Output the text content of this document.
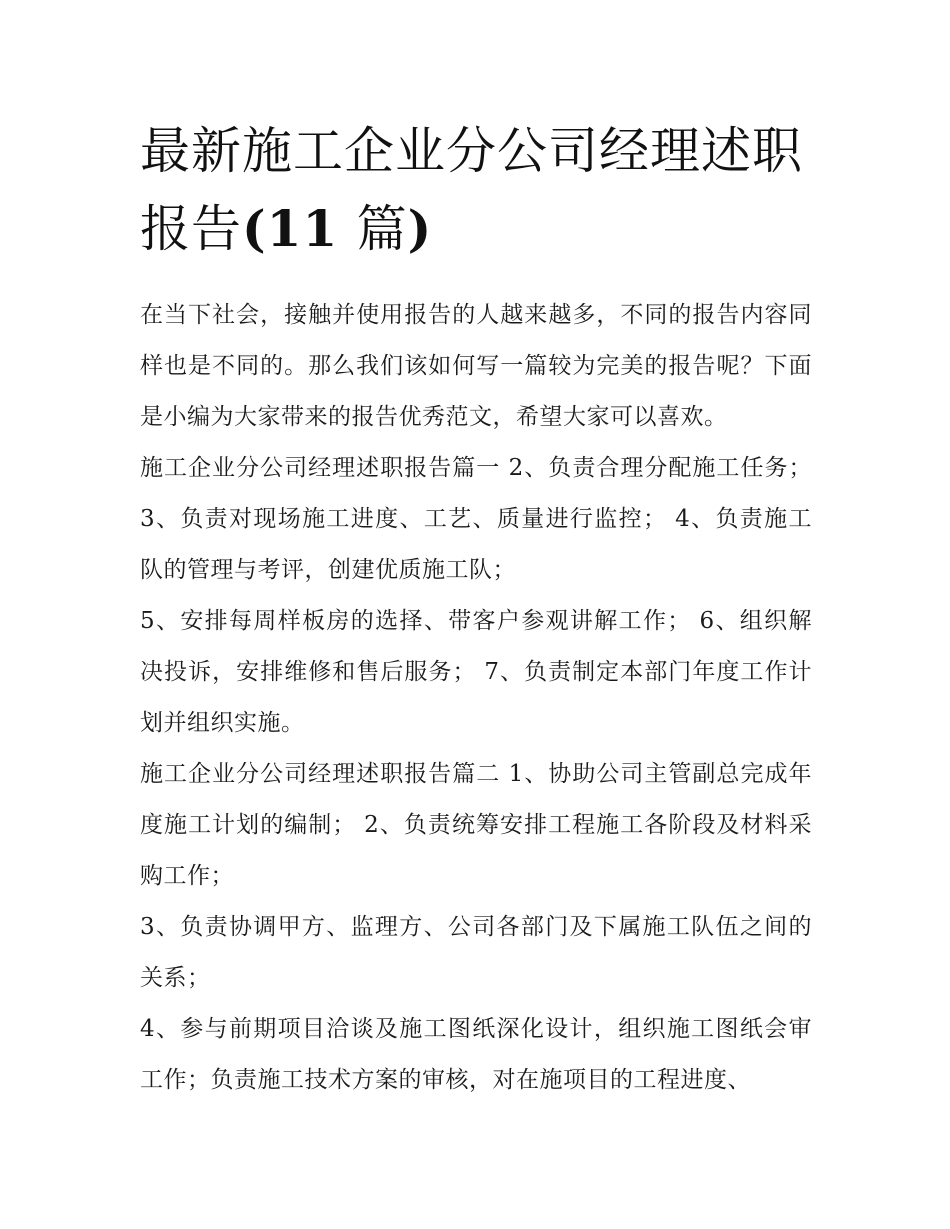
最新施工企业分公司经理述职
报告(11 篇)

在当下社会，接触并使用报告的人越来越多，不同的报告内容同样也是不同的。那么我们该如何写一篇较为完美的报告呢？下面是小编为大家带来的报告优秀范文，希望大家可以喜欢。

施工企业分公司经理述职报告篇一 2、负责合理分配施工任务； 3、负责对现场施工进度、工艺、质量进行监控； 4、负责施工队的管理与考评，创建优质施工队；

5、安排每周样板房的选择、带客户参观讲解工作； 6、组织解决投诉，安排维修和售后服务； 7、负责制定本部门年度工作计划并组织实施。

施工企业分公司经理述职报告篇二 1、协助公司主管副总完成年度施工计划的编制； 2、负责统筹安排工程施工各阶段及材料采购工作；

3、负责协调甲方、监理方、公司各部门及下属施工队伍之间的关系；

4、参与前期项目洽谈及施工图纸深化设计，组织施工图纸会审工作；负责施工技术方案的审核，对在施项目的工程进度、
